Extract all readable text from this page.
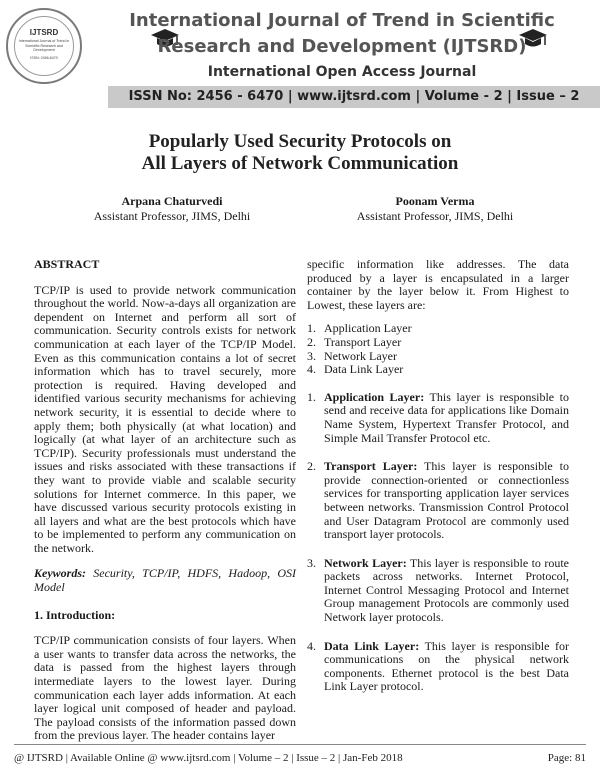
IJTSRD
International Journal of Trend in Scientific Research and Development
ISSN: 2456-6470
International Journal of Trend in Scientific
Research and Development (IJTSRD)
International Open Access Journal
ISSN No: 2456 - 6470 | www.ijtsrd.com | Volume - 2 | Issue – 2
Popularly Used Security Protocols on
All Layers of Network Communication
Arpana Chaturvedi
Assistant Professor, JIMS, Delhi
Poonam Verma
Assistant Professor, JIMS, Delhi
ABSTRACT

TCP/IP is used to provide network communication throughout the world. Now-a-days all organization are dependent on Internet and perform all sort of communication. Security controls exists for network communication at each layer of the TCP/IP Model. Even as this communication contains a lot of secret information which has to travel securely, more protection is required. Having developed and identified various security mechanisms for achieving network security, it is essential to decide where to apply them; both physically (at what location) and logically (at what layer of an architecture such as TCP/IP). Security professionals must understand the issues and risks associated with these transactions if they want to provide viable and scalable security solutions for Internet commerce. In this paper, we have discussed various security protocols existing in all layers and what are the best protocols which have to be implemented to perform any communication on the network.

Keywords: Security, TCP/IP, HDFS, Hadoop, OSI Model

1. Introduction:

TCP/IP communication consists of four layers. When a user wants to transfer data across the networks, the data is passed from the highest layers through intermediate layers to the lowest layer. During communication each layer adds information. At each layer logical unit composed of header and payload. The payload consists of the information passed down from the previous layer. The header contains layer

specific information like addresses. The data produced by a layer is encapsulated in a larger container by the layer below it. From Highest to Lowest, these layers are:

1. Application Layer
2. Transport Layer
3. Network Layer
4. Data Link Layer
1. Application Layer: This layer is responsible to send and receive data for applications like Domain Name System, Hypertext Transfer Protocol, and Simple Mail Transfer Protocol etc.
2. Transport Layer: This layer is responsible to provide connection-oriented or connectionless services for transporting application layer services between networks. Transmission Control Protocol and User Datagram Protocol are commonly used transport layer protocols.
3. Network Layer: This layer is responsible to route packets across networks. Internet Protocol, Internet Control Messaging Protocol and Internet Group management Protocols are commonly used Network layer protocols.
4. Data Link Layer: This layer is responsible for communications on the physical network components. Ethernet protocol is the best Data Link Layer protocol.
@ IJTSRD | Available Online @ www.ijtsrd.com | Volume – 2 | Issue – 2 | Jan-Feb 2018	Page: 81
